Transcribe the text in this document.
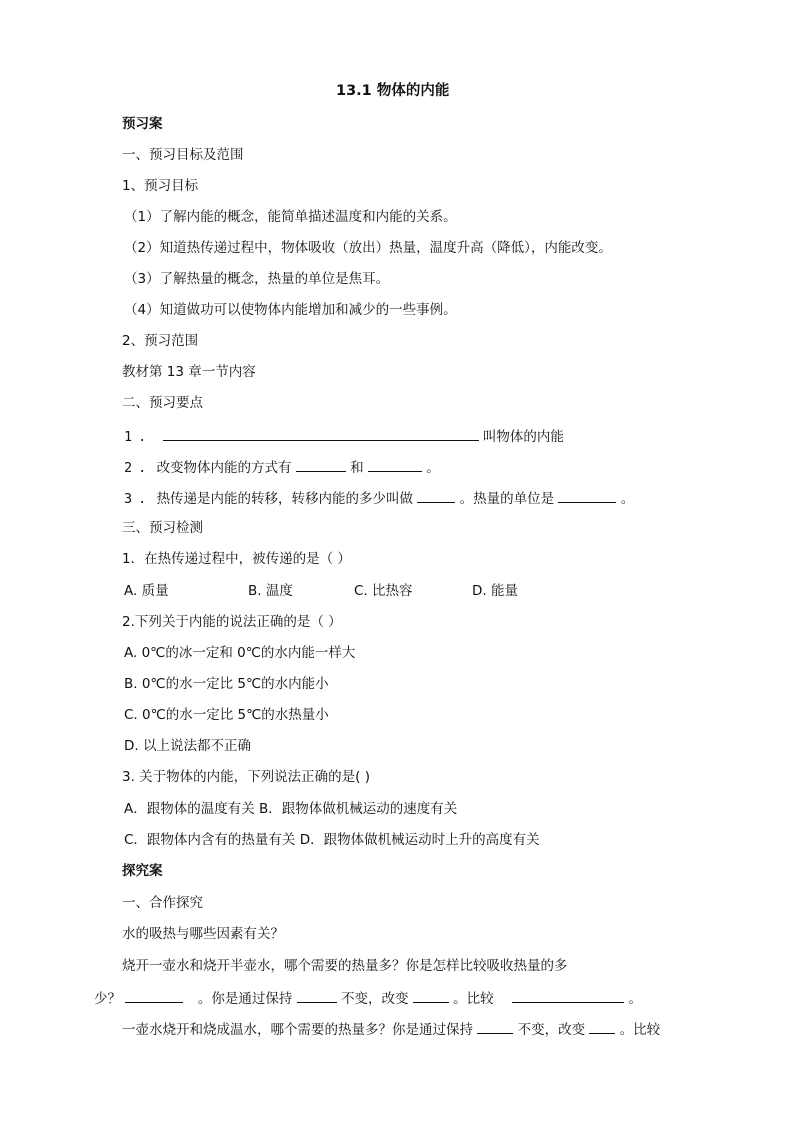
13.1 物体的内能
预习案
一、预习目标及范围
1、预习目标
（1）了解内能的概念，能简单描述温度和内能的关系。
（2）知道热传递过程中，物体吸收（放出）热量，温度升高（降低），内能改变。
（3）了解热量的概念，热量的单位是焦耳。
（4）知道做功可以使物体内能增加和减少的一些事例。
2、预习范围
教材第 13 章一节内容
二、预习要点
1.	叫物体的内能
2. 改变物体内能的方式有	和	。
3. 热传递是内能的转移，转移内能的多少叫做	。热量的单位是	。
三、预习检测
1．在热传递过程中，被传递的是（ ）
A. 质量	B. 温度	C. 比热容	D. 能量
2.下列关于内能的说法正确的是（ ）
A. 0℃的冰一定和 0℃的水内能一样大
B. 0℃的水一定比 5℃的水内能小
C. 0℃的水一定比 5℃的水热量小
D. 以上说法都不正确
3. 关于物体的内能，下列说法正确的是( )
A．跟物体的温度有关 B．跟物体做机械运动的速度有关
C．跟物体内含有的热量有关 D．跟物体做机械运动时上升的高度有关
探究案
一、合作探究
水的吸热与哪些因素有关？
烧开一壶水和烧开半壶水，哪个需要的热量多？你是怎样比较吸收热量的多
少？	。你是通过保持	不变，改变	。比较	。
一壶水烧开和烧成温水，哪个需要的热量多？你是通过保持	不变，改变	。比较
